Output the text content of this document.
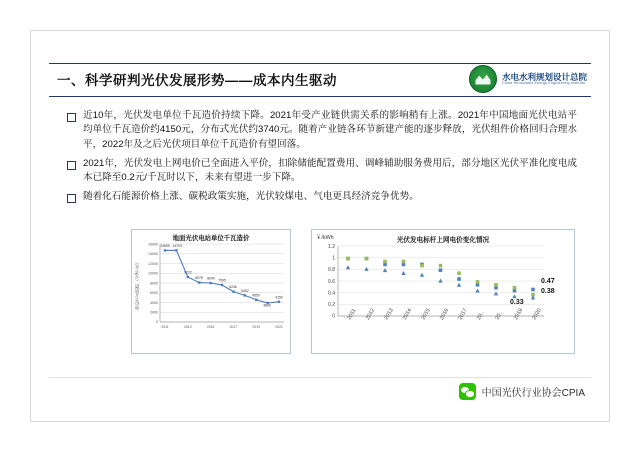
一、科学研判光伏发展形势——成本内生驱动	水电水利规划设计总院
China Renewable Energy Engineering Institute
近10年，光伏发电单位千瓦造价持续下降。2021年受产业链供需关系的影响稍有上涨。2021年中国地面光伏电站平均单位千瓦造价约4150元，分布式光伏约3740元。随着产业链各环节新建产能的逐步释放，光伏组件价格回归合理水平，2022年及之后光伏项目单位千瓦造价有望回落。
2021年，光伏发电上网电价已全面进入平价，扣除储能配置费用、调峰辅助服务费用后，部分地区光伏平准化度电成本已降至0.2元/千瓦时以下，未来有望进一步下降。
随着化石能源价格上涨、碳税政策实施，光伏较煤电、气电更具经济竞争优势。
地面光伏电站单位千瓦造价
单位千瓦造价（元/千瓦）
16000
14000
12000
10000
8000
6000
4000
2000
0
14695 14703
9222
8078 8000 7595
6246
5452
4550
3890
4150
2011	2013	2015	2017	2019	2021
光伏发电标杆上网电价变化情况
￥/kWh
1.2
1
0.8
0.6
0.4
0.2
0
0.47
0.38
0.33
2011 2012 2013 2014 2015 2016 2017 20.. 20.. 2019 2020
中国光伏行业协会CPIA
